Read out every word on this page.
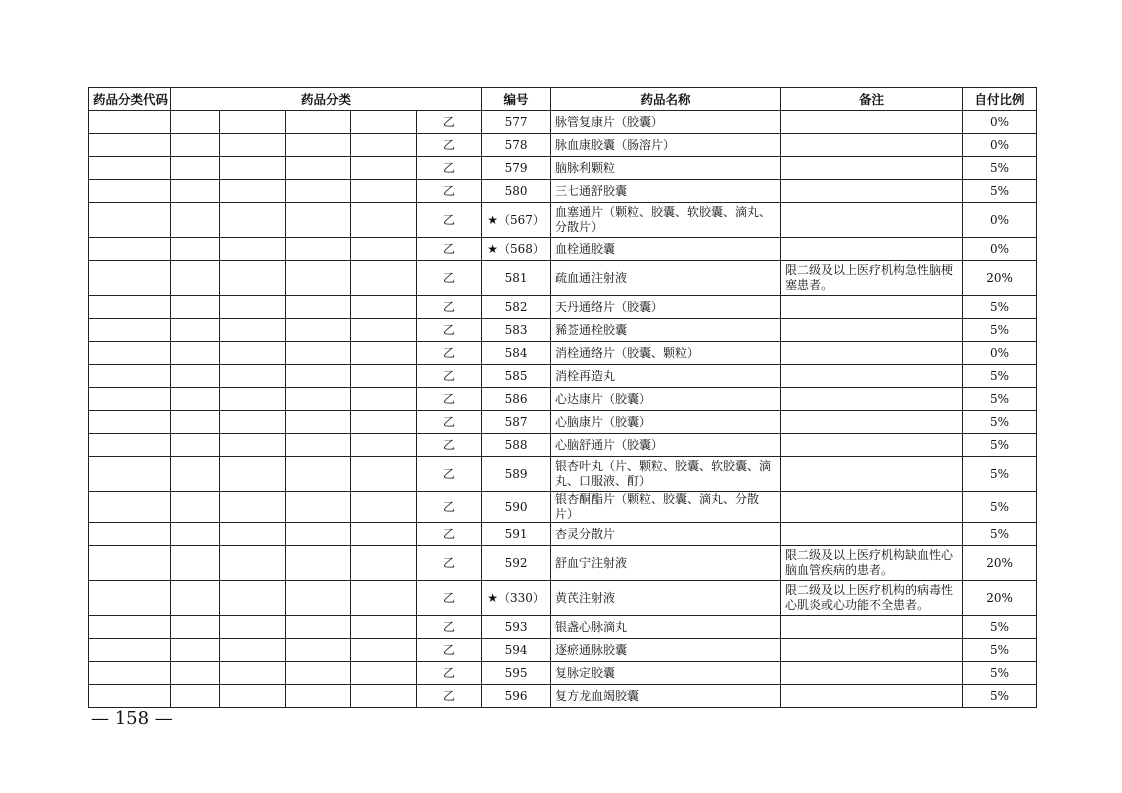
药品分类代码	药品分类					编号	药品名称	备注	自付比例
					乙	577	脉管复康片（胶囊）		0%
					乙	578	脉血康胶囊（肠溶片）		0%
					乙	579	脑脉利颗粒		5%
					乙	580	三七通舒胶囊		5%
					乙	★（567）	血塞通片（颗粒、胶囊、软胶囊、滴丸、分散片）		0%
					乙	★（568）	血栓通胶囊		0%
					乙	581	疏血通注射液	限二级及以上医疗机构急性脑梗塞患者。	20%
					乙	582	天丹通络片（胶囊）		5%
					乙	583	豨莶通栓胶囊		5%
					乙	584	消栓通络片（胶囊、颗粒）		0%
					乙	585	消栓再造丸		5%
					乙	586	心达康片（胶囊）		5%
					乙	587	心脑康片（胶囊）		5%
					乙	588	心脑舒通片（胶囊）		5%
					乙	589	银杏叶丸（片、颗粒、胶囊、软胶囊、滴丸、口服液、酊）		5%
					乙	590	银杏酮酯片（颗粒、胶囊、滴丸、分散片）		5%
					乙	591	杏灵分散片		5%
					乙	592	舒血宁注射液	限二级及以上医疗机构缺血性心脑血管疾病的患者。	20%
					乙	★（330）	黄芪注射液	限二级及以上医疗机构的病毒性心肌炎或心功能不全患者。	20%
					乙	593	银盏心脉滴丸		5%
					乙	594	逐瘀通脉胶囊		5%
					乙	595	复脉定胶囊		5%
					乙	596	复方龙血竭胶囊		5%
— 158 —
